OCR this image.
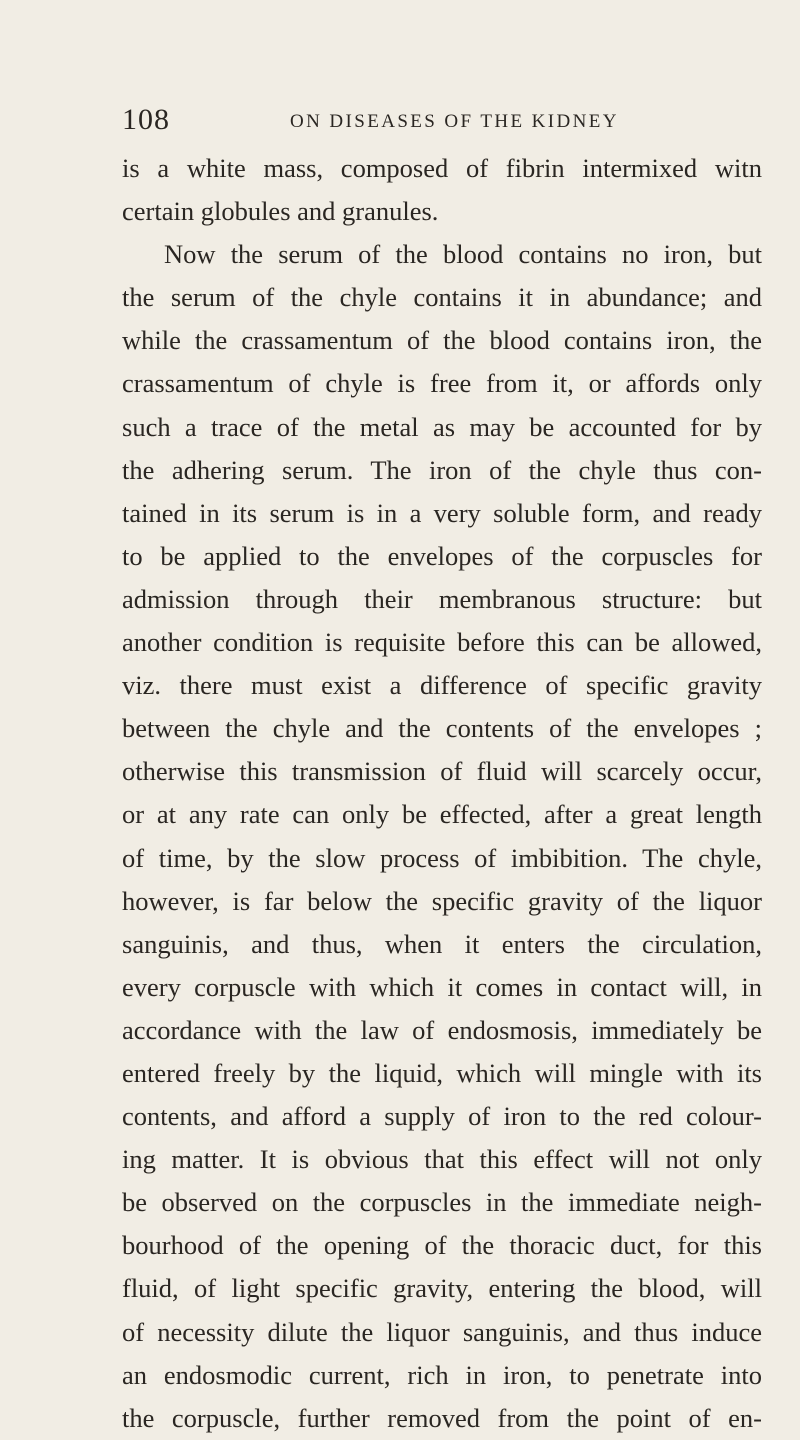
108	ON DISEASES OF THE KIDNEY
is a white mass, composed of fibrin intermixed witn
certain globules and granules.
Now the serum of the blood contains no iron, but
the serum of the chyle contains it in abundance; and
while the crassamentum of the blood contains iron, the
crassamentum of chyle is free from it, or affords only
such a trace of the metal as may be accounted for by
the adhering serum. The iron of the chyle thus con-
tained in its serum is in a very soluble form, and ready
to be applied to the envelopes of the corpuscles for
admission through their membranous structure: but
another condition is requisite before this can be allowed,
viz. there must exist a difference of specific gravity
between the chyle and the contents of the envelopes ;
otherwise this transmission of fluid will scarcely occur,
or at any rate can only be effected, after a great length
of time, by the slow process of imbibition. The chyle,
however, is far below the specific gravity of the liquor
sanguinis, and thus, when it enters the circulation,
every corpuscle with which it comes in contact will, in
accordance with the law of endosmosis, immediately be
entered freely by the liquid, which will mingle with its
contents, and afford a supply of iron to the red colour-
ing matter. It is obvious that this effect will not only
be observed on the corpuscles in the immediate neigh-
bourhood of the opening of the thoracic duct, for this
fluid, of light specific gravity, entering the blood, will
of necessity dilute the liquor sanguinis, and thus induce
an endosmodic current, rich in iron, to penetrate into
the corpuscle, further removed from the point of en-
